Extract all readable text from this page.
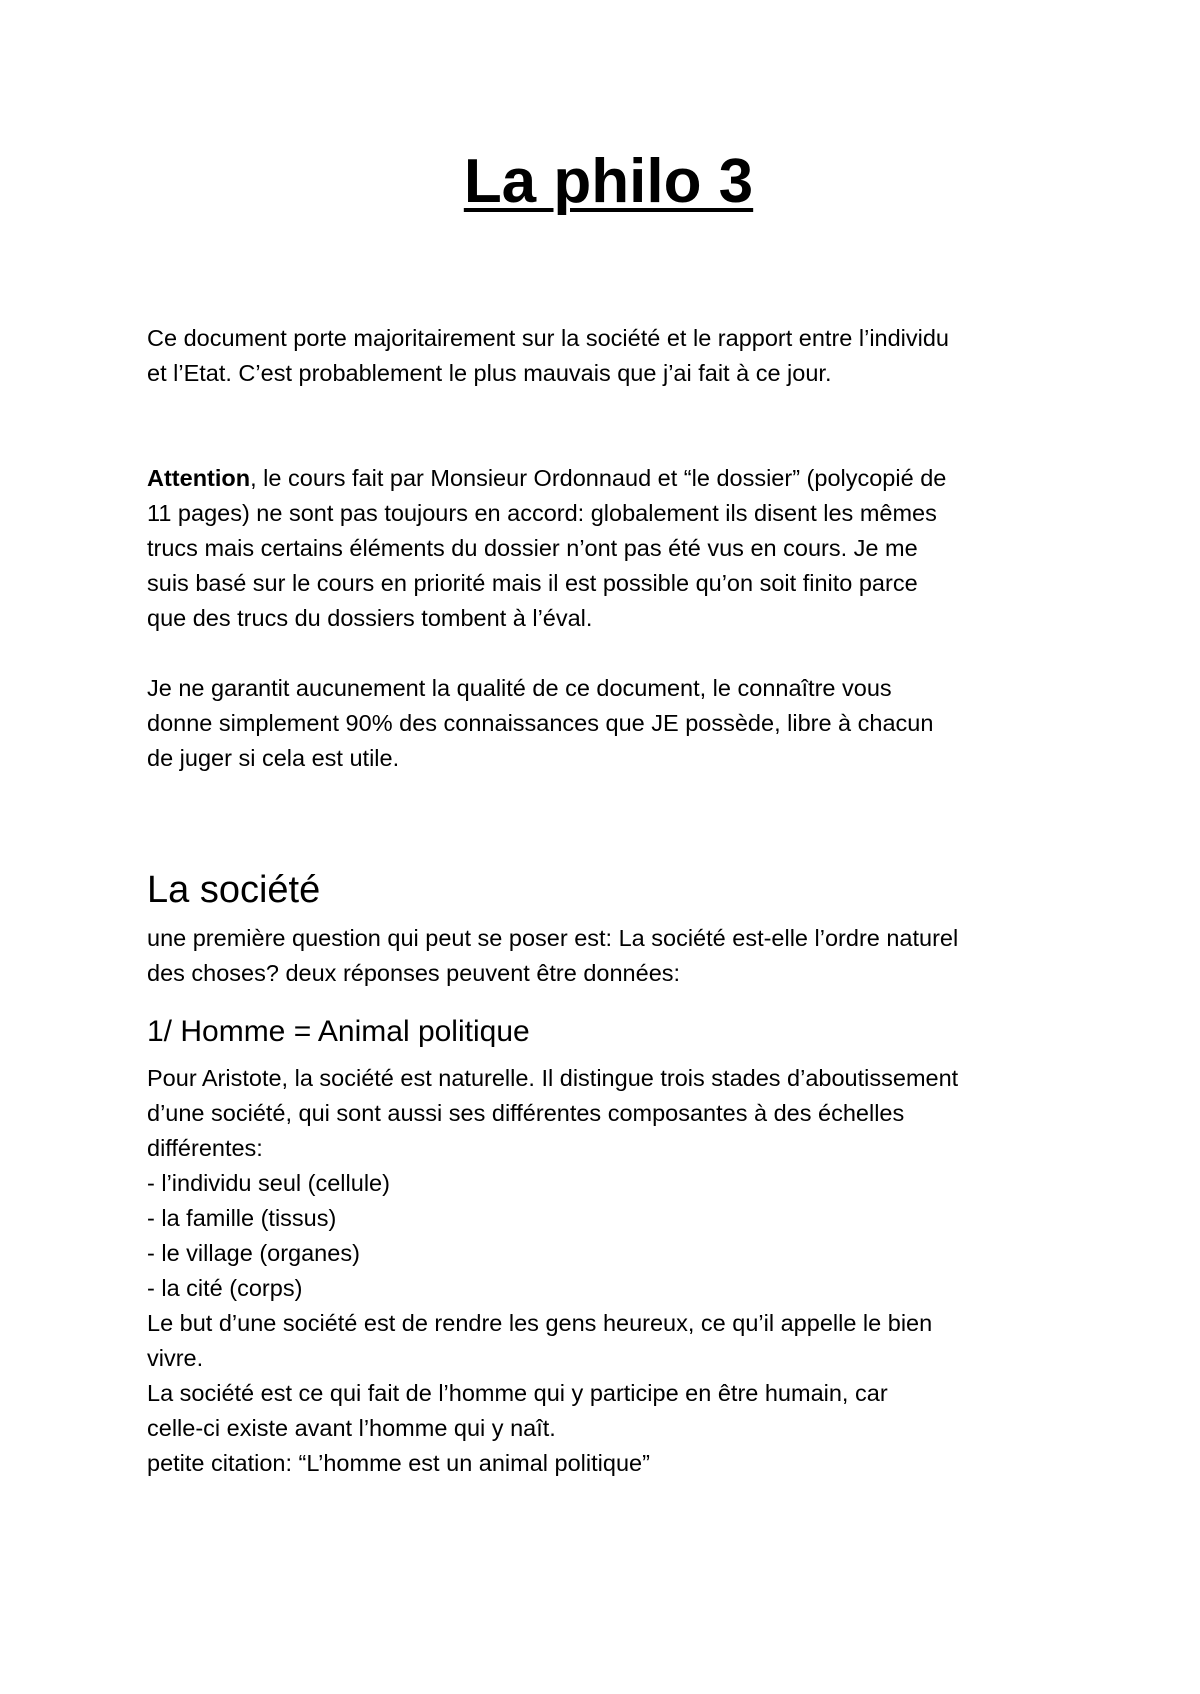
La philo 3

Ce document porte majoritairement sur la société et le rapport entre l’individu
et l’Etat. C’est probablement le plus mauvais que j’ai fait à ce jour.

Attention, le cours fait par Monsieur Ordonnaud et “le dossier” (polycopié de
11 pages) ne sont pas toujours en accord: globalement ils disent les mêmes
trucs mais certains éléments du dossier n’ont pas été vus en cours. Je me
suis basé sur le cours en priorité mais il est possible qu’on soit finito parce
que des trucs du dossiers tombent à l’éval.

Je ne garantit aucunement la qualité de ce document, le connaître vous
donne simplement 90% des connaissances que JE possède, libre à chacun
de juger si cela est utile.

La société

une première question qui peut se poser est: La société est-elle l’ordre naturel
des choses? deux réponses peuvent être données:

1/ Homme = Animal politique

Pour Aristote, la société est naturelle. Il distingue trois stades d’aboutissement
d’une société, qui sont aussi ses différentes composantes à des échelles
différentes:
- l’individu seul (cellule)
- la famille (tissus)
- le village (organes)
- la cité (corps)
Le but d’une société est de rendre les gens heureux, ce qu’il appelle le bien
vivre.
La société est ce qui fait de l’homme qui y participe en être humain, car
celle-ci existe avant l’homme qui y naît.
petite citation: “L’homme est un animal politique”
